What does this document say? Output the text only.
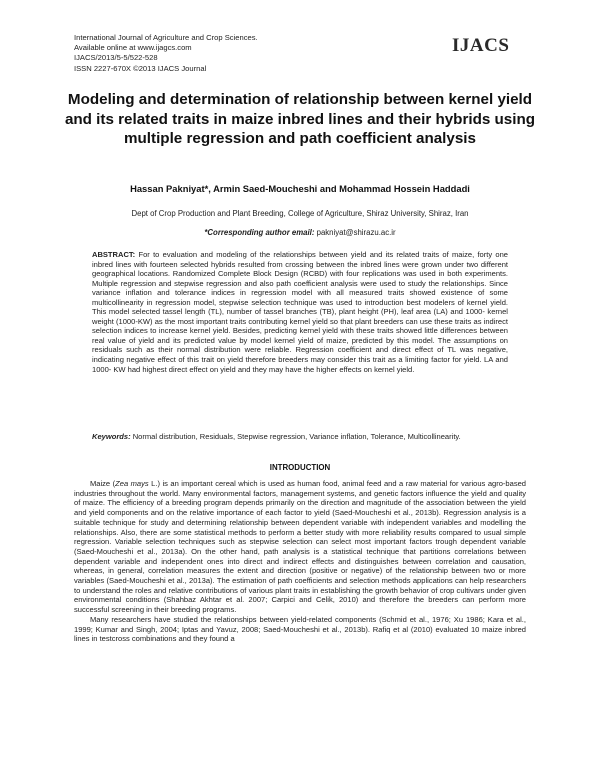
International Journal of Agriculture and Crop Sciences.
Available online at www.ijagcs.com
IJACS/2013/5-5/522-528
ISSN 2227-670X ©2013 IJACS Journal
IJACS
Modeling and determination of relationship between kernel yield and its related traits in maize inbred lines and their hybrids using multiple regression and path coefficient analysis
Hassan Pakniyat*, Armin Saed-Moucheshi and Mohammad Hossein Haddadi
Dept of Crop Production and Plant Breeding, College of Agriculture, Shiraz University, Shiraz, Iran
*Corresponding author email: pakniyat@shirazu.ac.ir
ABSTRACT: For to evaluation and modeling of the relationships between yield and its related traits of maize, forty one inbred lines with fourteen selected hybrids resulted from crossing between the inbred lines were grown under two different geographical locations. Randomized Complete Block Design (RCBD) with four replications was used in both experiments. Multiple regression and stepwise regression and also path coefficient analysis were used to study the relationships. Since variance inflation and tolerance indices in regression model with all measured traits showed existence of some multicollinearity in regression model, stepwise selection technique was used to introduction best modelers of kernel yield. This model selected tassel length (TL), number of tassel branches (TB), plant height (PH), leaf area (LA) and 1000- kernel weight (1000-KW) as the most important traits contributing kernel yield so that plant breeders can use these traits as indirect selection indices to increase kernel yield. Besides, predicting kernel yield with these traits showed little differences between real value of yield and its predicted value by model kernel yield of maize, predicted by this model. The assumptions on residuals such as their normal distribution were reliable. Regression coefficient and direct effect of TL was negative, indicating negative effect of this trait on yield therefore breeders may consider this trait as a limiting factor for yield. LA and 1000- KW had highest direct effect on yield and they may have the higher effects on kernel yield.
Keywords: Normal distribution, Residuals, Stepwise regression, Variance inflation, Tolerance, Multicollinearity.
INTRODUCTION

Maize (Zea mays L.) is an important cereal which is used as human food, animal feed and a raw material for various agro-based industries throughout the world. Many environmental factors, management systems, and genetic factors influence the yield and quality of maize. The efficiency of a breeding program depends primarily on the direction and magnitude of the association between the yield and yield components and on the relative importance of each factor to yield (Saed-Moucheshi et al., 2013b). Regression analysis is a suitable technique for study and determining relationship between dependent variable with independent variables and modelling the relationships. Also, there are some statistical methods to perform a better study with more reliability results compared to usual simple regression. Variable selection techniques such as stepwise selection can select most important factors trough dependent variable (Saed-Moucheshi et al., 2013a). On the other hand, path analysis is a statistical technique that partitions correlations between dependent variable and independent ones into direct and indirect effects and distinguishes between correlation and causation, whereas, in general, correlation measures the extent and direction (positive or negative) of the relationship between two or more variables (Saed-Moucheshi et al., 2013a). The estimation of path coefficients and selection methods applications can help researchers to understand the roles and relative contributions of various plant traits in establishing the growth behavior of crop cultivars under given environmental conditions (Shahbaz Akhtar et al. 2007; Carpici and Celik, 2010) and therefore the breeders can perform more successful screening in their breeding programs.

Many researchers have studied the relationships between yield-related components (Schmid et al., 1976; Xu 1986; Kara et al., 1999; Kumar and Singh, 2004; Iptas and Yavuz, 2008; Saed-Moucheshi et al., 2013b). Rafiq et al (2010) evaluated 10 maize inbred lines in testcross combinations and they found a
